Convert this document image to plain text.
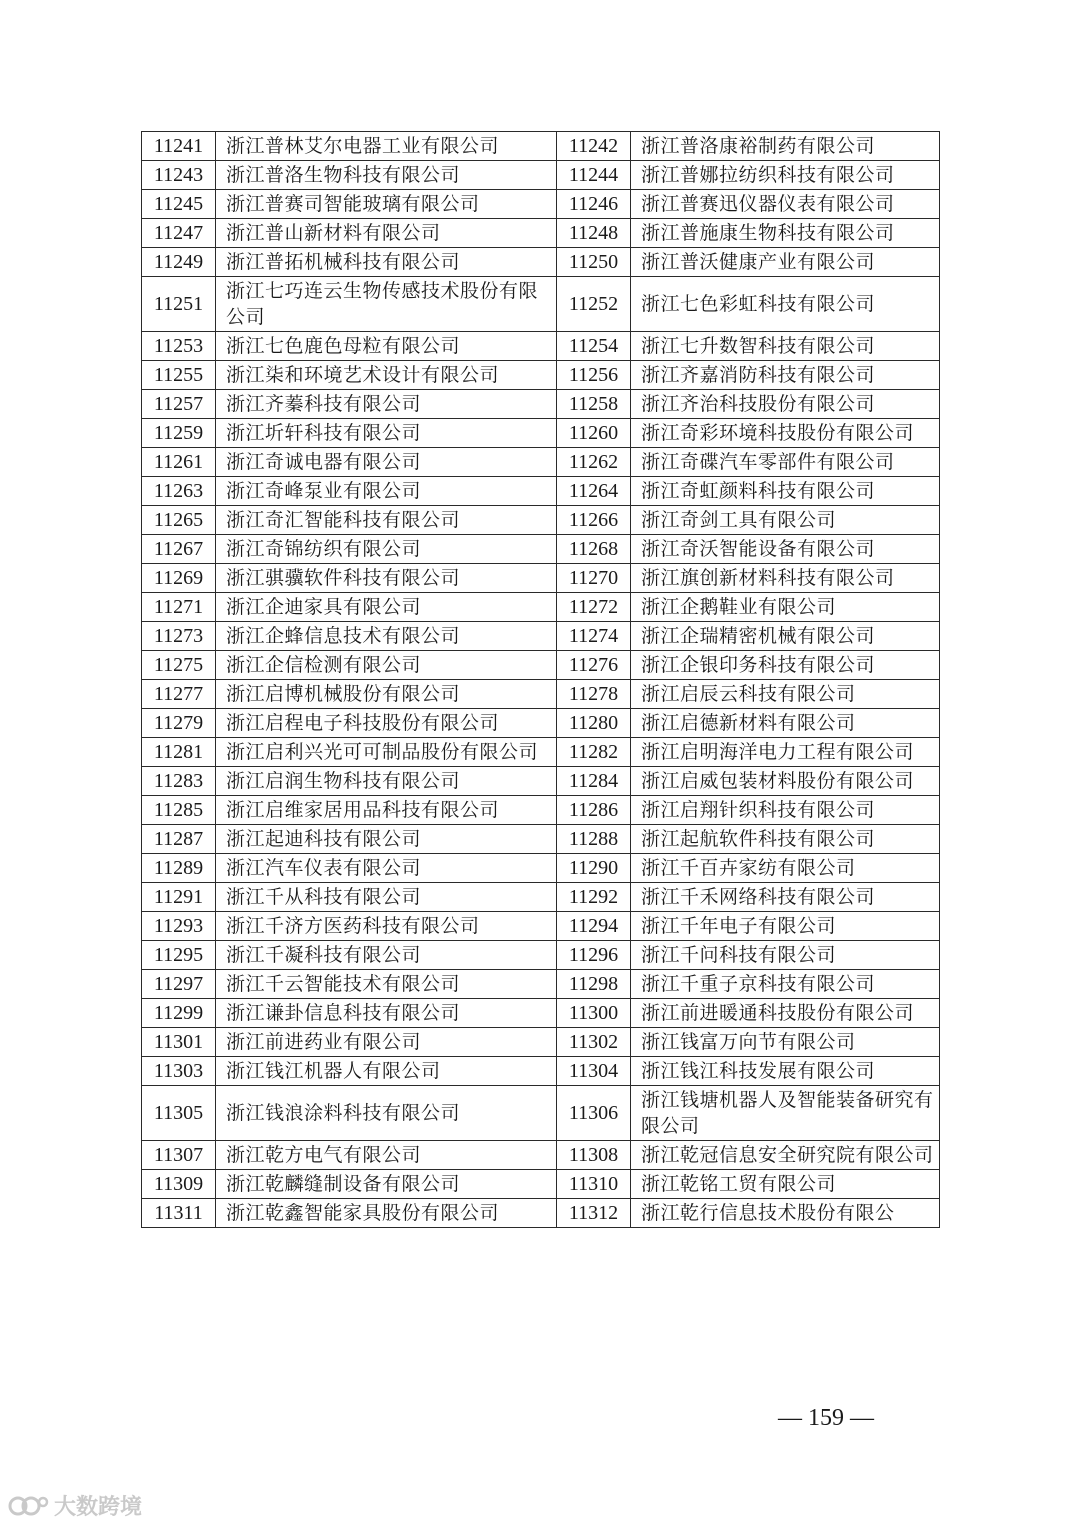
11241	浙江普林艾尔电器工业有限公司	11242	浙江普洛康裕制药有限公司

11243	浙江普洛生物科技有限公司	11244	浙江普娜拉纺织科技有限公司

11245	浙江普赛司智能玻璃有限公司	11246	浙江普赛迅仪器仪表有限公司

11247	浙江普山新材料有限公司	11248	浙江普施康生物科技有限公司

11249	浙江普拓机械科技有限公司	11250	浙江普沃健康产业有限公司

11251	浙江七巧连云生物传感技术股份有限公司	11252	浙江七色彩虹科技有限公司

11253	浙江七色鹿色母粒有限公司	11254	浙江七升数智科技有限公司

11255	浙江柒和环境艺术设计有限公司	11256	浙江齐嘉消防科技有限公司

11257	浙江齐蓁科技有限公司	11258	浙江齐治科技股份有限公司

11259	浙江圻轩科技有限公司	11260	浙江奇彩环境科技股份有限公司

11261	浙江奇诚电器有限公司	11262	浙江奇碟汽车零部件有限公司

11263	浙江奇峰泵业有限公司	11264	浙江奇虹颜料科技有限公司

11265	浙江奇汇智能科技有限公司	11266	浙江奇剑工具有限公司

11267	浙江奇锦纺织有限公司	11268	浙江奇沃智能设备有限公司

11269	浙江骐骥软件科技有限公司	11270	浙江旗创新材料科技有限公司

11271	浙江企迪家具有限公司	11272	浙江企鹅鞋业有限公司

11273	浙江企蜂信息技术有限公司	11274	浙江企瑞精密机械有限公司

11275	浙江企信检测有限公司	11276	浙江企银印务科技有限公司

11277	浙江启博机械股份有限公司	11278	浙江启辰云科技有限公司

11279	浙江启程电子科技股份有限公司	11280	浙江启德新材料有限公司

11281	浙江启利兴光可可制品股份有限公司	11282	浙江启明海洋电力工程有限公司

11283	浙江启润生物科技有限公司	11284	浙江启威包装材料股份有限公司

11285	浙江启维家居用品科技有限公司	11286	浙江启翔针织科技有限公司

11287	浙江起迪科技有限公司	11288	浙江起航软件科技有限公司

11289	浙江汽车仪表有限公司	11290	浙江千百卉家纺有限公司

11291	浙江千从科技有限公司	11292	浙江千禾网络科技有限公司

11293	浙江千济方医药科技有限公司	11294	浙江千年电子有限公司

11295	浙江千凝科技有限公司	11296	浙江千问科技有限公司

11297	浙江千云智能技术有限公司	11298	浙江千重子京科技有限公司

11299	浙江谦卦信息科技有限公司	11300	浙江前进暖通科技股份有限公司

11301	浙江前进药业有限公司	11302	浙江钱富万向节有限公司

11303	浙江钱江机器人有限公司	11304	浙江钱江科技发展有限公司

11305	浙江钱浪涂料科技有限公司	11306	浙江钱塘机器人及智能装备研究有限公司

11307	浙江乾方电气有限公司	11308	浙江乾冠信息安全研究院有限公司

11309	浙江乾麟缝制设备有限公司	11310	浙江乾铭工贸有限公司

11311	浙江乾鑫智能家具股份有限公司	11312	浙江乾行信息技术股份有限公
— 159 —
大数跨境
